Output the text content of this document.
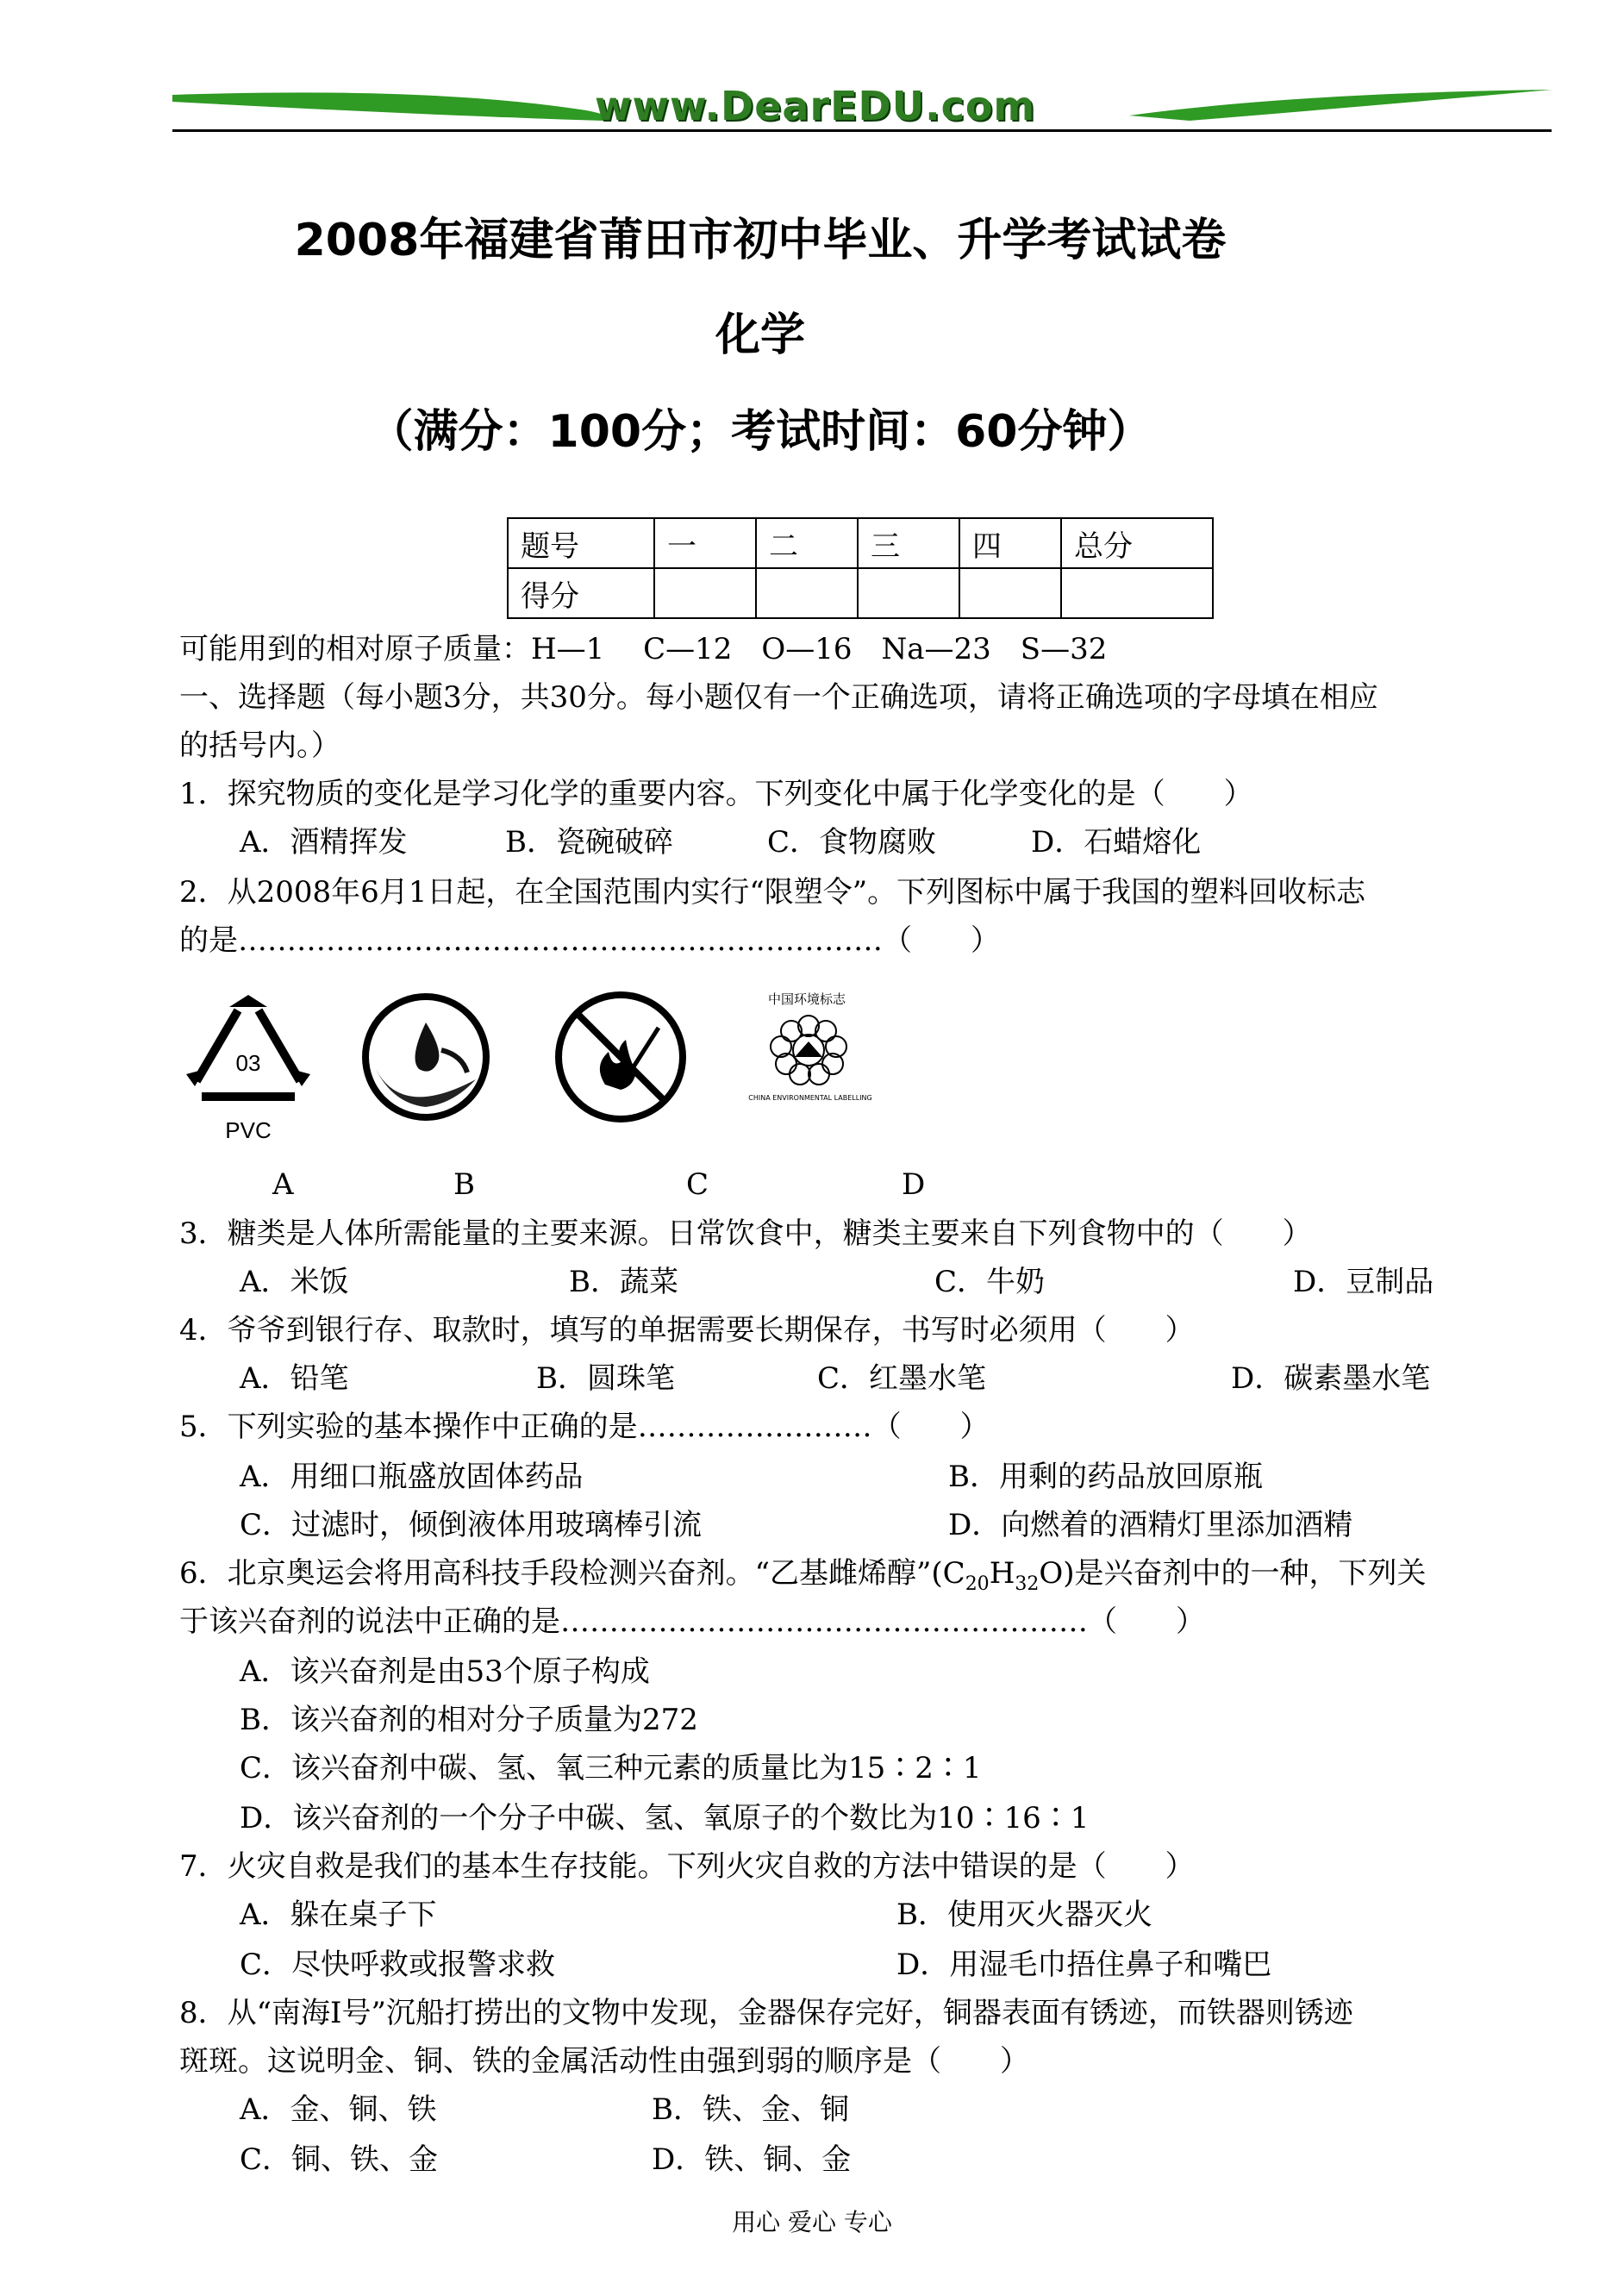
www.DearEDU.com
2008年福建省莆田市初中毕业、升学考试试卷
化学
（满分：100分；考试时间：60分钟）
题号	一	二	三	四	总分
得分					
可能用到的相对原子质量：H—1　 C—12　O—16　Na—23　S—32
一、选择题（每小题3分，共30分。每小题仅有一个正确选项，请将正确选项的字母填在相应
的括号内。）
1．探究物质的变化是学习化学的重要内容。下列变化中属于化学变化的是（　　）
A．酒精挥发	B．瓷碗破碎	C．食物腐败	D．石蜡熔化
2．从2008年6月1日起，在全国范围内实行“限塑令”。下列图标中属于我国的塑料回收标志
的是…………………………………………………………（　　）
03
PVC
中国环境标志
CHINA ENVIRONMENTAL LABELLING
A	B	C	D
3．糖类是人体所需能量的主要来源。日常饮食中，糖类主要来自下列食物中的（　　）
A．米饭	B．蔬菜	C．牛奶	D．豆制品
4．爷爷到银行存、取款时，填写的单据需要长期保存，书写时必须用（　　）
A．铅笔	B．圆珠笔	C．红墨水笔	D．碳素墨水笔
5．下列实验的基本操作中正确的是……………………（　　）
A．用细口瓶盛放固体药品	B．用剩的药品放回原瓶
C．过滤时，倾倒液体用玻璃棒引流	D．向燃着的酒精灯里添加酒精
6．北京奥运会将用高科技手段检测兴奋剂。“乙基雌烯醇$”(C_{20}H_{32}O)$是兴奋剂中的一种，下列关
于该兴奋剂的说法中正确的是………………………………………………（　　）
A．该兴奋剂是由53个原子构成
B．该兴奋剂的相对分子质量为272
C．该兴奋剂中碳、氢、氧三种元素的质量比为15∶2∶1
D．该兴奋剂的一个分子中碳、氢、氧原子的个数比为10∶16∶1
7．火灾自救是我们的基本生存技能。下列火灾自救的方法中错误的是（　　）
A．躲在桌子下	B．使用灭火器灭火
C．尽快呼救或报警求救	D．用湿毛巾捂住鼻子和嘴巴
8．从“南海Ⅰ号”沉船打捞出的文物中发现，金器保存完好，铜器表面有锈迹，而铁器则锈迹
斑斑。这说明金、铜、铁的金属活动性由强到弱的顺序是（　　）
A．金、铜、铁	B．铁、金、铜
C．铜、铁、金	D．铁、铜、金
用心 爱心 专心
